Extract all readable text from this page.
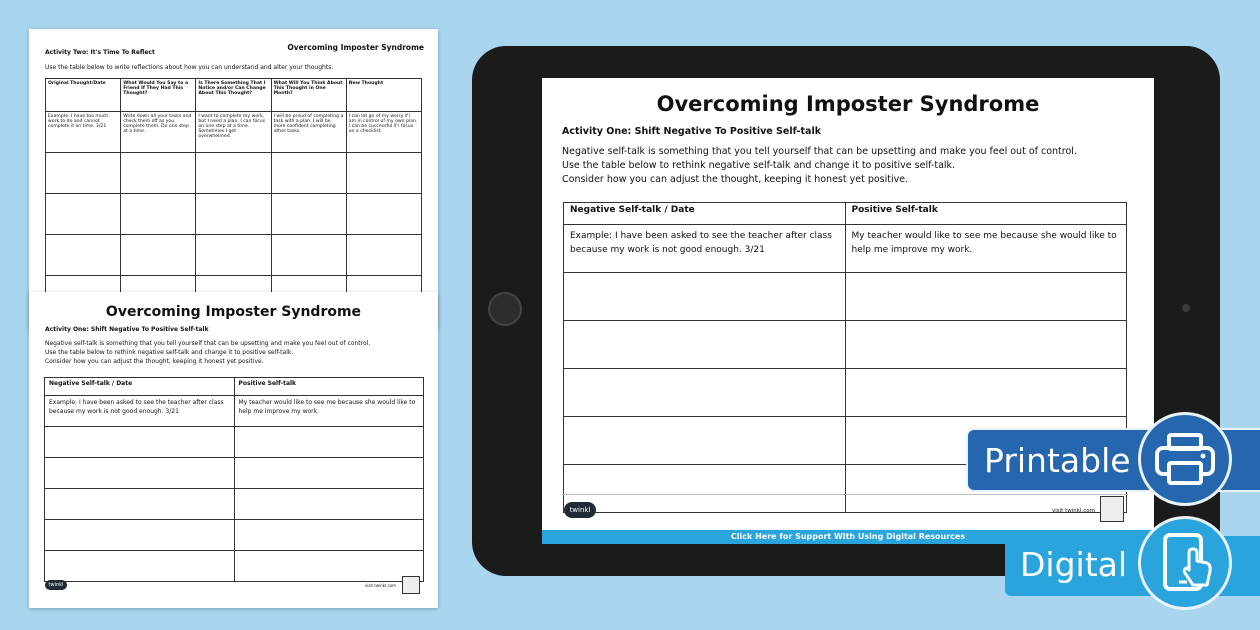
Activity Two: It's Time To Reflect
Overcoming Imposter Syndrome
Use the table below to write reflections about how you can understand and alter your thoughts.
Original Thought/Date	What Would You Say to a Friend If They Had This Thought?	Is There Something That I Notice and/or Can Change About This Thought?	What Will You Think About This Thought in One Month?	New Thought
Example: I have too much work to do and cannot complete it on time. 3/21	Write down all your tasks and check them off as you complete them. Do one step at a time.	I want to complete my work, but I need a plan. I can focus on one step at a time. Sometimes I get overwhelmed.	I will be proud of completing a task with a plan. I will be more confident completing other tasks.	I can let go of my worry if I am in control of my own plan. I can be successful if I focus on a checklist.

Overcoming Imposter Syndrome
Activity One: Shift Negative To Positive Self-talk
Negative self-talk is something that you tell yourself that can be upsetting and make you feel out of control.
Use the table below to rethink negative self-talk and change it to positive self-talk.
Consider how you can adjust the thought, keeping it honest yet positive.
Negative Self-talk / Date	Positive Self-talk
Example: I have been asked to see the teacher after class because my work is not good enough. 3/21	My teacher would like to see me because she would like to help me improve my work.

twinkl	visit twinkl.com
Overcoming Imposter Syndrome
Activity One: Shift Negative To Positive Self-talk
Negative self-talk is something that you tell yourself that can be upsetting and make you feel out of control.
Use the table below to rethink negative self-talk and change it to positive self-talk.
Consider how you can adjust the thought, keeping it honest yet positive.
Negative Self-talk / Date	Positive Self-talk
Example: I have been asked to see the teacher after class because my work is not good enough. 3/21	My teacher would like to see me because she would like to help me improve my work.

twinkl	visit twinkl.com
Click Here for Support With Using Digital Resources
Printable
Digital
